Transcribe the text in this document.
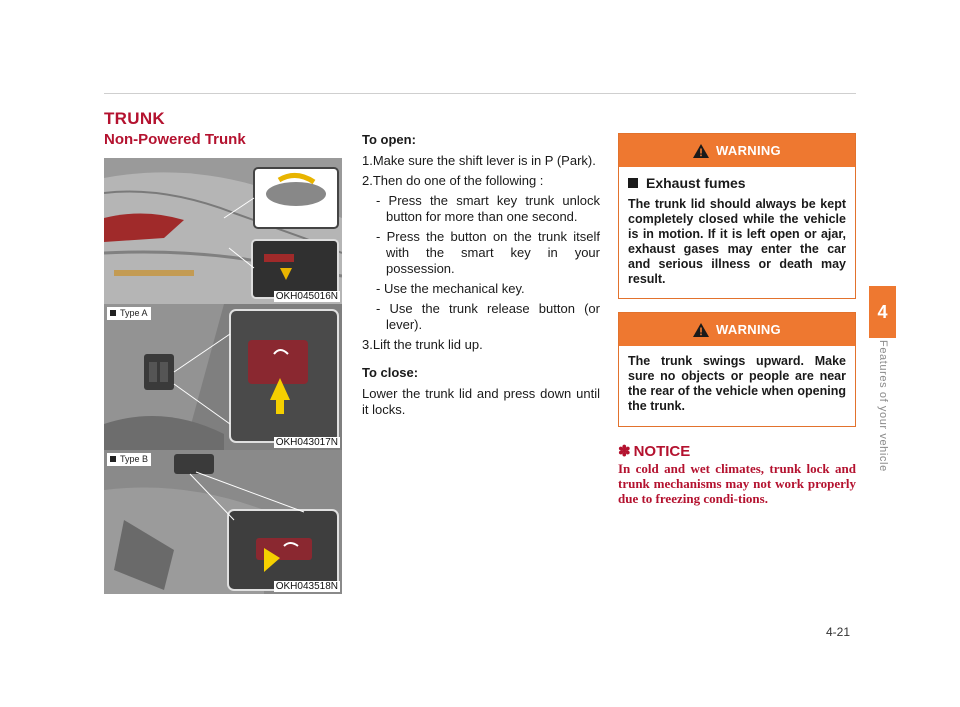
TRUNK
Non-Powered Trunk
OKH045016N
Type A
OKH043017N
Type B
OKH043518N
To open:
1.Make sure the shift lever is in P (Park).
2.Then do one of the following :
- Press the smart key trunk unlock button for more than one second.
- Press the button on the trunk itself with the smart key in your possession.
- Use the mechanical key.
- Use the trunk release button (or lever).
3.Lift the trunk lid up.
To close:
Lower the trunk lid and press down until it locks.
WARNING
Exhaust fumes
The trunk lid should always be kept completely closed while the vehicle is in motion. If it is left open or ajar, exhaust gases may enter the car and serious illness or death may result.
WARNING
The trunk swings upward. Make sure no objects or people are near the rear of the vehicle when opening the trunk.
✽ NOTICE
In cold and wet climates, trunk lock and trunk mechanisms may not work properly due to freezing condi-tions.
4
Features of your vehicle
4-21
